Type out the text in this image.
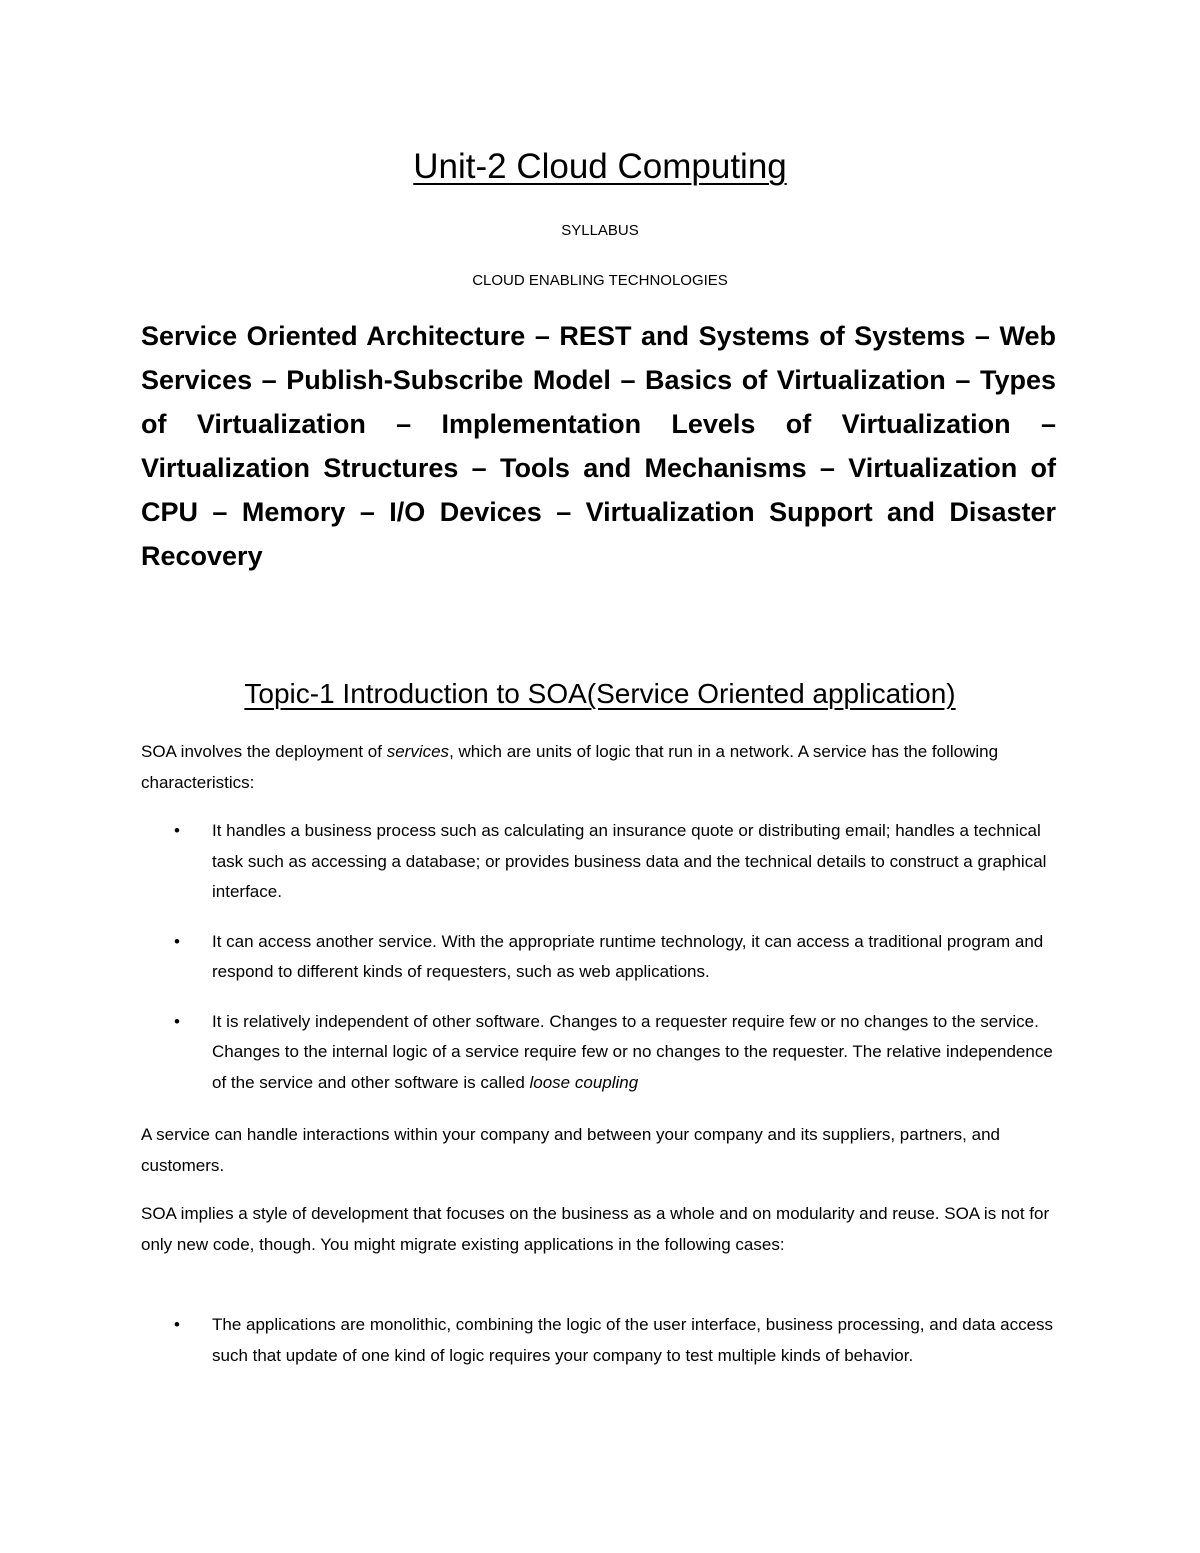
Unit-2 Cloud Computing
SYLLABUS
CLOUD ENABLING TECHNOLOGIES
Service Oriented Architecture – REST and Systems of Systems – Web Services – Publish-Subscribe Model – Basics of Virtualization – Types of Virtualization – Implementation Levels of Virtualization – Virtualization Structures – Tools and Mechanisms – Virtualization of CPU – Memory – I/O Devices – Virtualization Support and Disaster Recovery
Topic-1 Introduction to SOA(Service Oriented application)
SOA involves the deployment of services, which are units of logic that run in a network. A service has the following characteristics:
• It handles a business process such as calculating an insurance quote or distributing email; handles a technical task such as accessing a database; or provides business data and the technical details to construct a graphical interface.
• It can access another service. With the appropriate runtime technology, it can access a traditional program and respond to different kinds of requesters, such as web applications.
• It is relatively independent of other software. Changes to a requester require few or no changes to the service. Changes to the internal logic of a service require few or no changes to the requester. The relative independence of the service and other software is called loose coupling
A service can handle interactions within your company and between your company and its suppliers, partners, and customers.
SOA implies a style of development that focuses on the business as a whole and on modularity and reuse. SOA is not for only new code, though. You might migrate existing applications in the following cases:
• The applications are monolithic, combining the logic of the user interface, business processing, and data access such that update of one kind of logic requires your company to test multiple kinds of behavior.
